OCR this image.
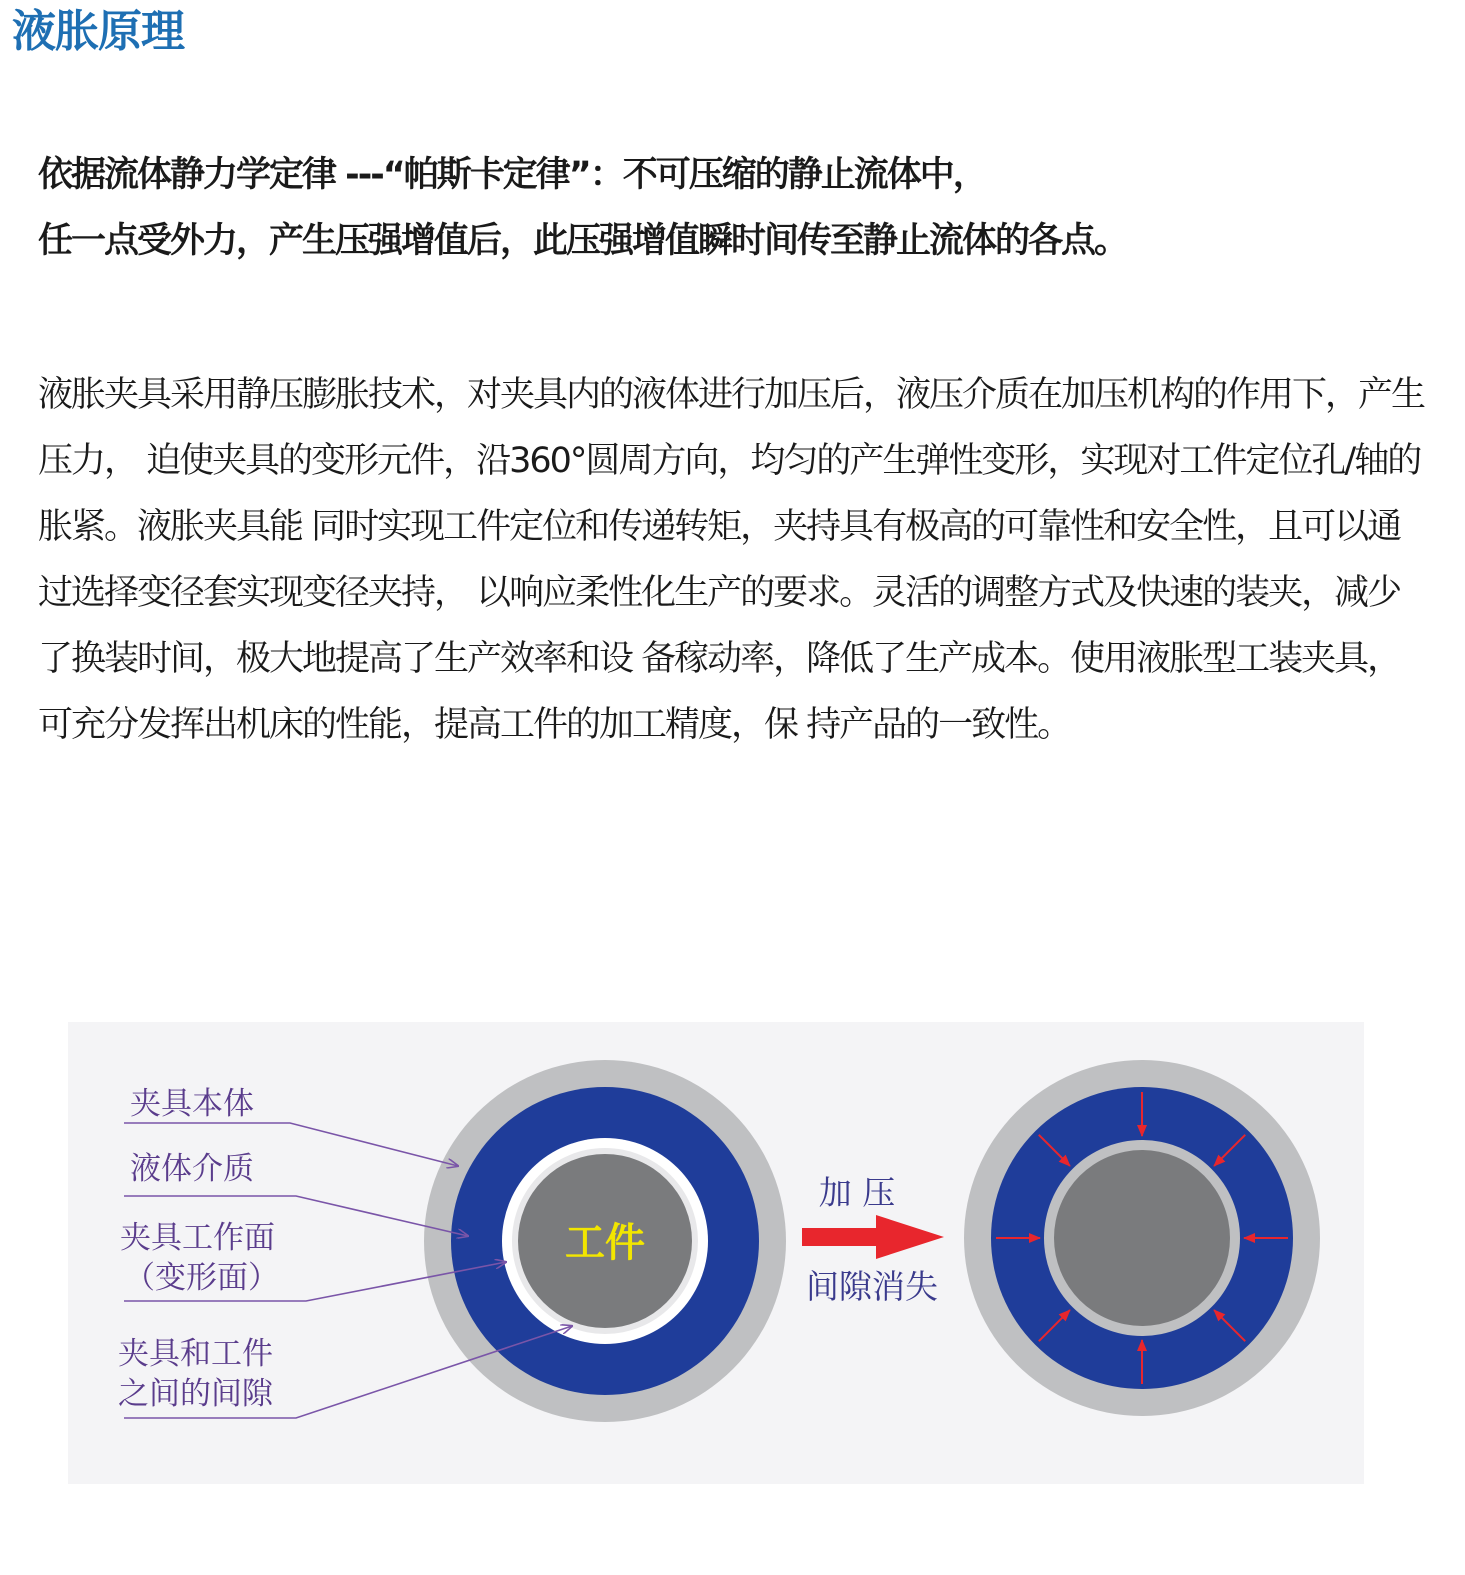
液胀原理

依据流体静力学定律 ---“帕斯卡定律”：不可压缩的静止流体中，

任一点受外力，产生压强增值后，此压强增值瞬时间传至静止流体的各点。

液胀夹具采用静压膨胀技术，对夹具内的液体进行加压后，液压介质在加压机构的作用下，产生压力， 迫使夹具的变形元件，沿360°圆周方向，均匀的产生弹性变形，实现对工件定位孔/轴的胀紧。液胀夹具能 同时实现工件定位和传递转矩，夹持具有极高的可靠性和安全性，且可以通过选择变径套实现变径夹持， 以响应柔性化生产的要求。灵活的调整方式及快速的装夹，减少了换装时间，极大地提高了生产效率和设 备稼动率，降低了生产成本。使用液胀型工装夹具，可充分发挥出机床的性能，提高工件的加工精度，保 持产品的一致性。

工件
夹具本体
液体介质
夹具工作面
（变形面）
夹具和工件
之间的间隙
加 压
间隙消失
